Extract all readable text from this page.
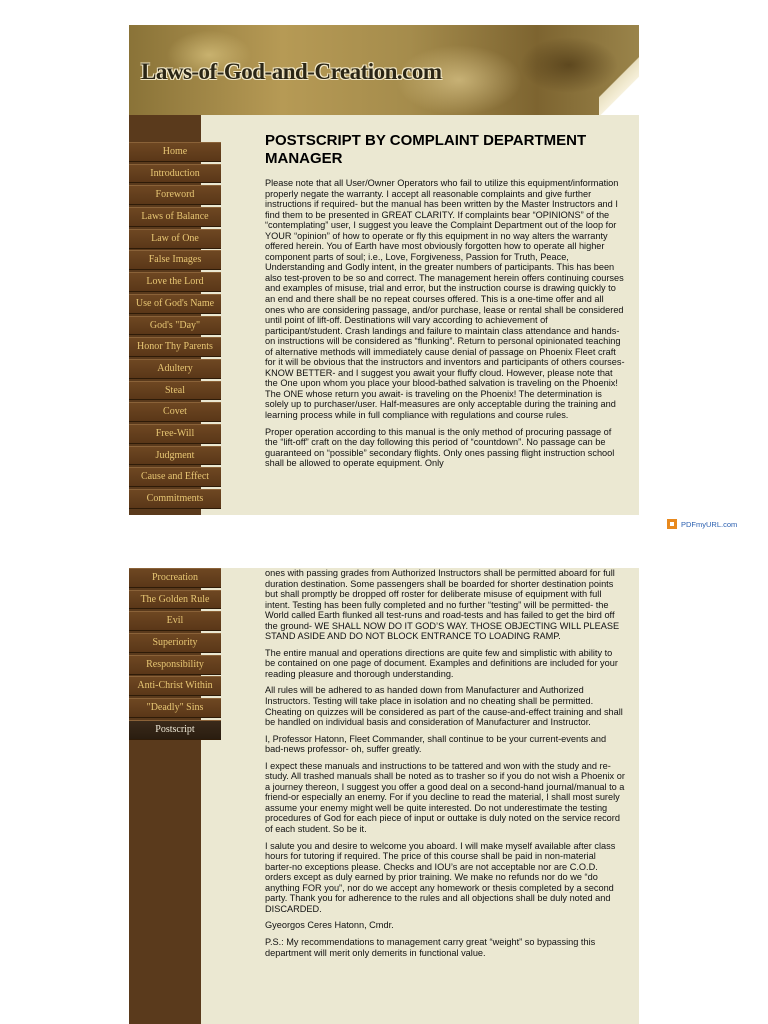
Laws-of-God-and-Creation.com
Home
Introduction
Foreword
Laws of Balance
Law of One
False Images
Love the Lord
Use of God's Name
God's "Day"
Honor Thy Parents
Adultery
Steal
Covet
Free-Will
Judgment
Cause and Effect
Commitments
POSTSCRIPT BY COMPLAINT DEPARTMENT MANAGER

Please note that all User/Owner Operators who fail to utilize this equipment/information properly negate the warranty. I accept all reasonable complaints and give further instructions if required- but the manual has been written by the Master Instructors and I find them to be presented in GREAT CLARITY. If complaints bear “OPINIONS” of the “contemplating” user, I suggest you leave the Complaint Department out of the loop for YOUR “opinion” of how to operate or fly this equipment in no way alters the warranty offered herein. You of Earth have most obviously forgotten how to operate all higher component parts of soul; i.e., Love, Forgiveness, Passion for Truth, Peace, Understanding and Godly intent, in the greater numbers of participants. This has been also test-proven to be so and correct. The management herein offers continuing courses and examples of misuse, trial and error, but the instruction course is drawing quickly to an end and there shall be no repeat courses offered. This is a one-time offer and all ones who are considering passage, and/or purchase, lease or rental shall be considered until point of lift-off. Destinations will vary according to achievement of participant/student. Crash landings and failure to maintain class attendance and hands-on instructions will be considered as “flunking”. Return to personal opinionated teaching of alternative methods will immediately cause denial of passage on Phoenix Fleet craft for it will be obvious that the instructors and inventors and participants of others courses- KNOW BETTER- and I suggest you await your fluffy cloud. However, please note that the One upon whom you place your blood-bathed salvation is traveling on the Phoenix! The ONE whose return you await- is traveling on the Phoenix! The determination is solely up to purchaser/user. Half-measures are only acceptable during the training and learning process while in full compliance with regulations and course rules.

Proper operation according to this manual is the only method of procuring passage of the “lift-off” craft on the day following this period of “countdown”. No passage can be guaranteed on “possible” secondary flights. Only ones passing flight instruction school shall be allowed to operate equipment. Only

PDFmyURL.com
Procreation
The Golden Rule
Evil
Superiority
Responsibility
Anti-Christ Within
"Deadly" Sins
Postscript

ones with passing grades from Authorized Instructors shall be permitted aboard for full duration destination. Some passengers shall be boarded for shorter destination points but shall promptly be dropped off roster for deliberate misuse of equipment with full intent. Testing has been fully completed and no further “testing” will be permitted- the World called Earth flunked all test-runs and road-tests and has failed to get the bird off the ground- WE SHALL NOW DO IT GOD’S WAY. THOSE OBJECTING WILL PLEASE STAND ASIDE AND DO NOT BLOCK ENTRANCE TO LOADING RAMP.

The entire manual and operations directions are quite few and simplistic with ability to be contained on one page of document. Examples and definitions are included for your reading pleasure and thorough understanding.

All rules will be adhered to as handed down from Manufacturer and Authorized Instructors. Testing will take place in isolation and no cheating shall be permitted. Cheating on quizzes will be considered as part of the cause-and-effect training and shall be handled on individual basis and consideration of Manufacturer and Instructor.

I, Professor Hatonn, Fleet Commander, shall continue to be your current-events and bad-news professor- oh, suffer greatly.

I expect these manuals and instructions to be tattered and won with the study and re-study. All trashed manuals shall be noted as to trasher so if you do not wish a Phoenix or a journey thereon, I suggest you offer a good deal on a second-hand journal/manual to a friend-or especially an enemy. For if you decline to read the material, I shall most surely assume your enemy might well be quite interested. Do not underestimate the testing procedures of God for each piece of input or outtake is duly noted on the service record of each student. So be it.

I salute you and desire to welcome you aboard. I will make myself available after class hours for tutoring if required. The price of this course shall be paid in non-material barter-no exceptions please. Checks and IOU’s are not acceptable nor are C.O.D. orders except as duly earned by prior training. We make no refunds nor do we “do anything FOR you”, nor do we accept any homework or thesis completed by a second party. Thank you for adherence to the rules and all objections shall be duly noted and DISCARDED.

Gyeorgos Ceres Hatonn, Cmdr.

P.S.: My recommendations to management carry great “weight” so bypassing this department will merit only demerits in functional value.
